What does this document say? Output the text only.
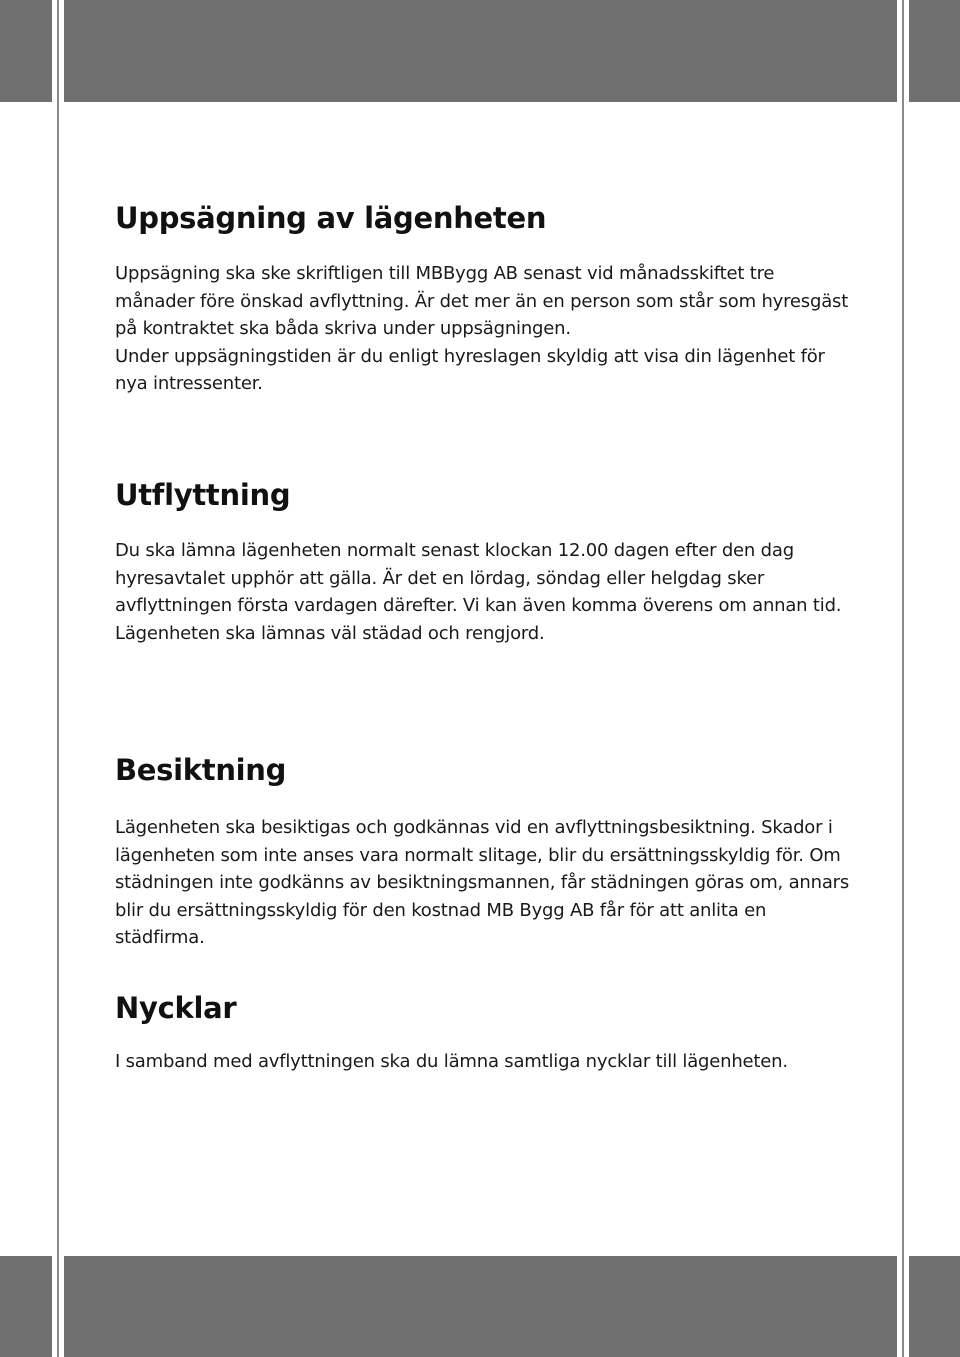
Uppsägning av lägenheten

Uppsägning ska ske skriftligen till MBBygg AB senast vid månadsskiftet tre månader före önskad avflyttning. Är det mer än en person som står som hyresgäst på kontraktet ska båda skriva under uppsägningen.

Under uppsägningstiden är du enligt hyreslagen skyldig att visa din lägenhet för nya intressenter.

Utflyttning

Du ska lämna lägenheten normalt senast klockan 12.00 dagen efter den dag hyresavtalet upphör att gälla. Är det en lördag, söndag eller helgdag sker avflyttningen första vardagen därefter. Vi kan även komma överens om annan tid.

Lägenheten ska lämnas väl städad och rengjord.

Besiktning

Lägenheten ska besiktigas och godkännas vid en avflyttningsbesiktning. Skador i lägenheten som inte anses vara normalt slitage, blir du ersättningsskyldig för. Om städningen inte godkänns av besiktningsmannen, får städningen göras om, annars blir du ersättningsskyldig för den kostnad MB Bygg AB får för att anlita en städfirma.

Nycklar

I samband med avflyttningen ska du lämna samtliga nycklar till lägenheten.
